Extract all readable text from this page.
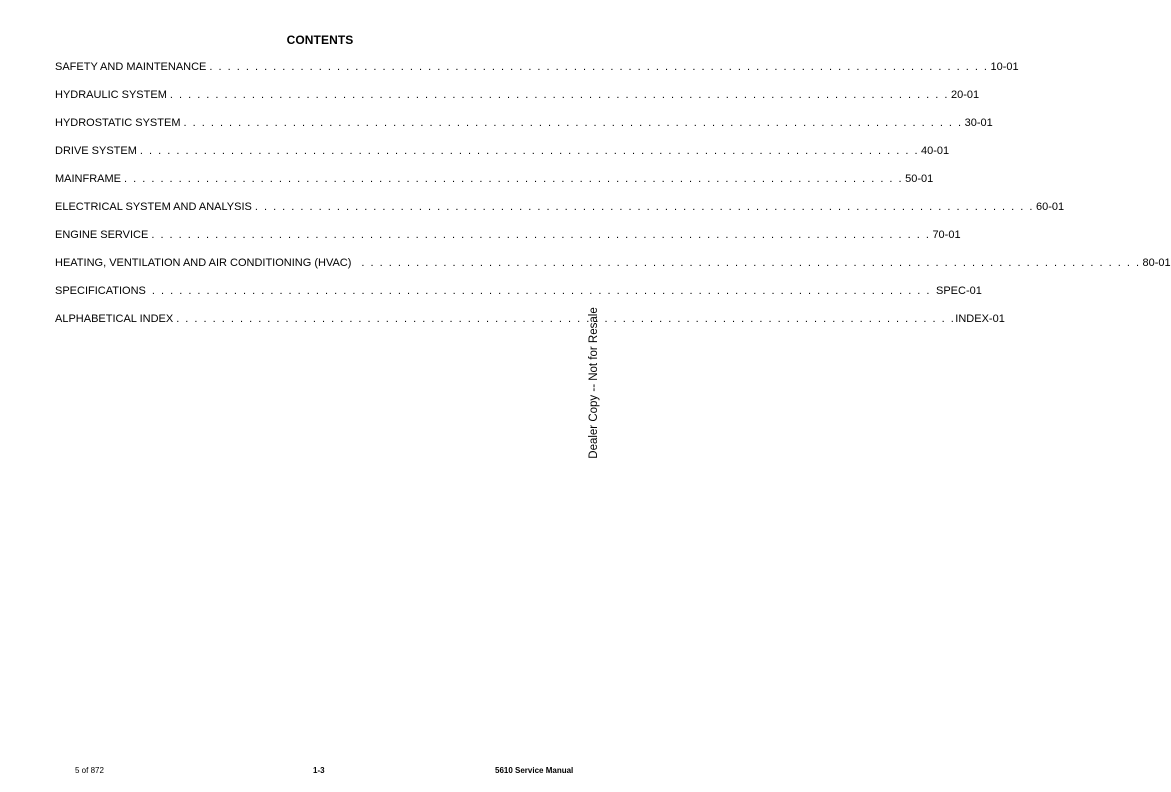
CONTENTS
SAFETY AND MAINTENANCE . . . . . . . . . . . . . . . . . . . . . . . . . . . . . . . . . . . . . . . . . . . . . . . . . . . . . . . . . . . . . . . . . . . . . . . . . . . . . . . . . . . . . . 10-01
HYDRAULIC SYSTEM . . . . . . . . . . . . . . . . . . . . . . . . . . . . . . . . . . . . . . . . . . . . . . . . . . . . . . . . . . . . . . . . . . . . . . . . . . . . . . . . . . . . . . 20-01
HYDROSTATIC SYSTEM . . . . . . . . . . . . . . . . . . . . . . . . . . . . . . . . . . . . . . . . . . . . . . . . . . . . . . . . . . . . . . . . . . . . . . . . . . . . . . . . . . . . . . 30-01
DRIVE SYSTEM . . . . . . . . . . . . . . . . . . . . . . . . . . . . . . . . . . . . . . . . . . . . . . . . . . . . . . . . . . . . . . . . . . . . . . . . . . . . . . . . . . . . . . 40-01
MAINFRAME . . . . . . . . . . . . . . . . . . . . . . . . . . . . . . . . . . . . . . . . . . . . . . . . . . . . . . . . . . . . . . . . . . . . . . . . . . . . . . . . . . . . . . 50-01
ELECTRICAL SYSTEM AND ANALYSIS . . . . . . . . . . . . . . . . . . . . . . . . . . . . . . . . . . . . . . . . . . . . . . . . . . . . . . . . . . . . . . . . . . . . . . . . . . . . . . . . . . . . . . 60-01
ENGINE SERVICE . . . . . . . . . . . . . . . . . . . . . . . . . . . . . . . . . . . . . . . . . . . . . . . . . . . . . . . . . . . . . . . . . . . . . . . . . . . . . . . . . . . . . . 70-01
HEATING, VENTILATION AND AIR CONDITIONING (HVAC) . . . . . . . . . . . . . . . . . . . . . . . . . . . . . . . . . . . . . . . . . . . . . . . . . . . . . . . . . . . . . . . . . . . . . . . . . . . . . . . . . . . . . . 80-01
SPECIFICATIONS . . . . . . . . . . . . . . . . . . . . . . . . . . . . . . . . . . . . . . . . . . . . . . . . . . . . . . . . . . . . . . . . . . . . . . . . . . . . . . . . . . . . . . SPEC-01
ALPHABETICAL INDEX . . . . . . . . . . . . . . . . . . . . . . . . . . . . . . . . . . . . . . . . . . . . . . . . . . . . . . . . . . . . . . . . . . . . . . . . . . . . . . . . . . . . . . INDEX-01
Dealer Copy -- Not for Resale
5 of 872	1-3	5610 Service Manual
